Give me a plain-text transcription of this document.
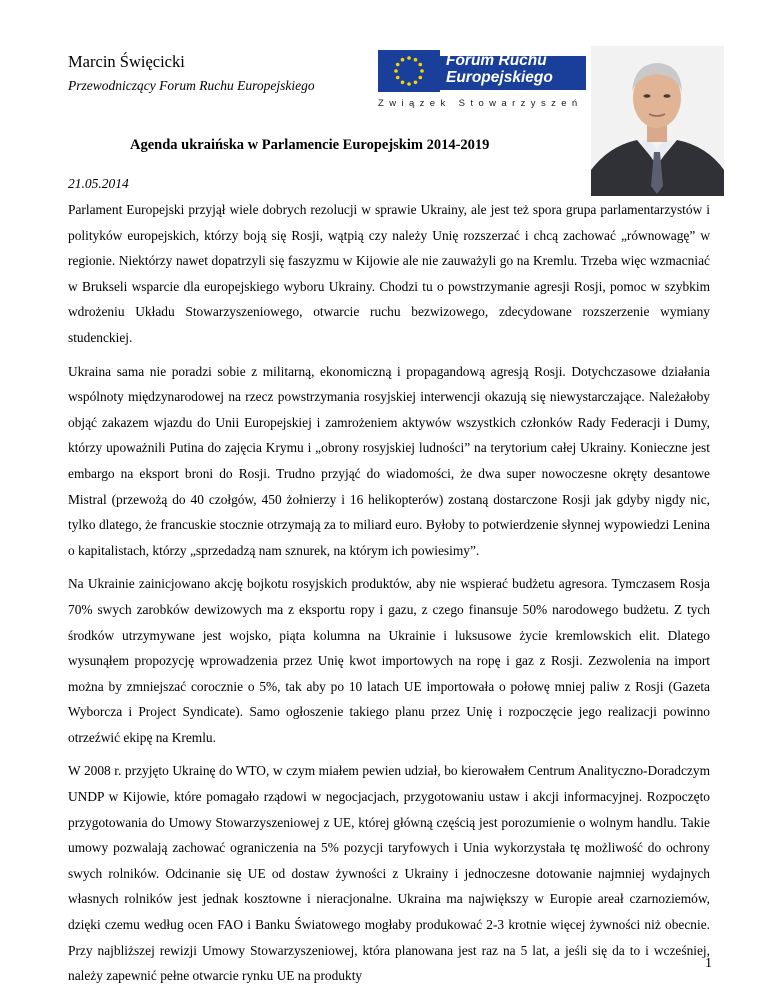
Marcin Święcicki
Przewodniczący Forum Ruchu Europejskiego
Forum Ruchu
Europejskiego
Związek Stowarzyszeń
Agenda ukraińska w Parlamencie Europejskim 2014-2019
21.05.2014

Parlament Europejski przyjął wiele dobrych rezolucji w sprawie Ukrainy, ale jest też spora grupa parlamentarzystów i polityków europejskich, którzy boją się Rosji, wątpią czy należy Unię rozszerzać i chcą zachować „równowagę” w regionie. Niektórzy nawet dopatrzyli się faszyzmu w Kijowie ale nie zauważyli go na Kremlu. Trzeba więc wzmacniać w Brukseli wsparcie dla europejskiego wyboru Ukrainy. Chodzi tu o powstrzymanie agresji Rosji, pomoc w szybkim wdrożeniu Układu Stowarzyszeniowego, otwarcie ruchu bezwizowego, zdecydowane rozszerzenie wymiany studenckiej.

Ukraina sama nie poradzi sobie z militarną, ekonomiczną i propagandową agresją Rosji. Dotychczasowe działania wspólnoty międzynarodowej na rzecz powstrzymania rosyjskiej interwencji okazują się niewystarczające. Należałoby objąć zakazem wjazdu do Unii Europejskiej i zamrożeniem aktywów wszystkich członków Rady Federacji i Dumy, którzy upoważnili Putina do zajęcia Krymu i „obrony rosyjskiej ludności” na terytorium całej Ukrainy. Konieczne jest embargo na eksport broni do Rosji. Trudno przyjąć do wiadomości, że dwa super nowoczesne okręty desantowe Mistral (przewożą do 40 czołgów, 450 żołnierzy i 16 helikopterów) zostaną dostarczone Rosji jak gdyby nigdy nic, tylko dlatego, że francuskie stocznie otrzymają za to miliard euro. Byłoby to potwierdzenie słynnej wypowiedzi Lenina o kapitalistach, którzy „sprzedadzą nam sznurek, na którym ich powiesimy”.

Na Ukrainie zainicjowano akcję bojkotu rosyjskich produktów, aby nie wspierać budżetu agresora. Tymczasem Rosja 70% swych zarobków dewizowych ma z eksportu ropy i gazu, z czego finansuje 50% narodowego budżetu. Z tych środków utrzymywane jest wojsko, piąta kolumna na Ukrainie i luksusowe życie kremlowskich elit. Dlatego wysunąłem propozycję wprowadzenia przez Unię kwot importowych na ropę i gaz z Rosji. Zezwolenia na import można by zmniejszać corocznie o 5%, tak aby po 10 latach UE importowała o połowę mniej paliw z Rosji (Gazeta Wyborcza i Project Syndicate). Samo ogłoszenie takiego planu przez Unię i rozpoczęcie jego realizacji powinno otrzeźwić ekipę na Kremlu.

W 2008 r. przyjęto Ukrainę do WTO, w czym miałem pewien udział, bo kierowałem Centrum Analityczno-Doradczym UNDP w Kijowie, które pomagało rządowi w negocjacjach, przygotowaniu ustaw i akcji informacyjnej. Rozpoczęto przygotowania do Umowy Stowarzyszeniowej z UE, której główną częścią jest porozumienie o wolnym handlu. Takie umowy pozwalają zachować ograniczenia na 5% pozycji taryfowych i Unia wykorzystała tę możliwość do ochrony swych rolników. Odcinanie się UE od dostaw żywności z Ukrainy i jednoczesne dotowanie najmniej wydajnych własnych rolników jest jednak kosztowne i nieracjonalne. Ukraina ma największy w Europie areał czarnoziemów, dzięki czemu według ocen FAO i Banku Światowego mogłaby produkować 2-3 krotnie więcej żywności niż obecnie. Przy najbliższej rewizji Umowy Stowarzyszeniowej, która planowana jest raz na 5 lat, a jeśli się da to i wcześniej, należy zapewnić pełne otwarcie rynku UE na produkty

1
